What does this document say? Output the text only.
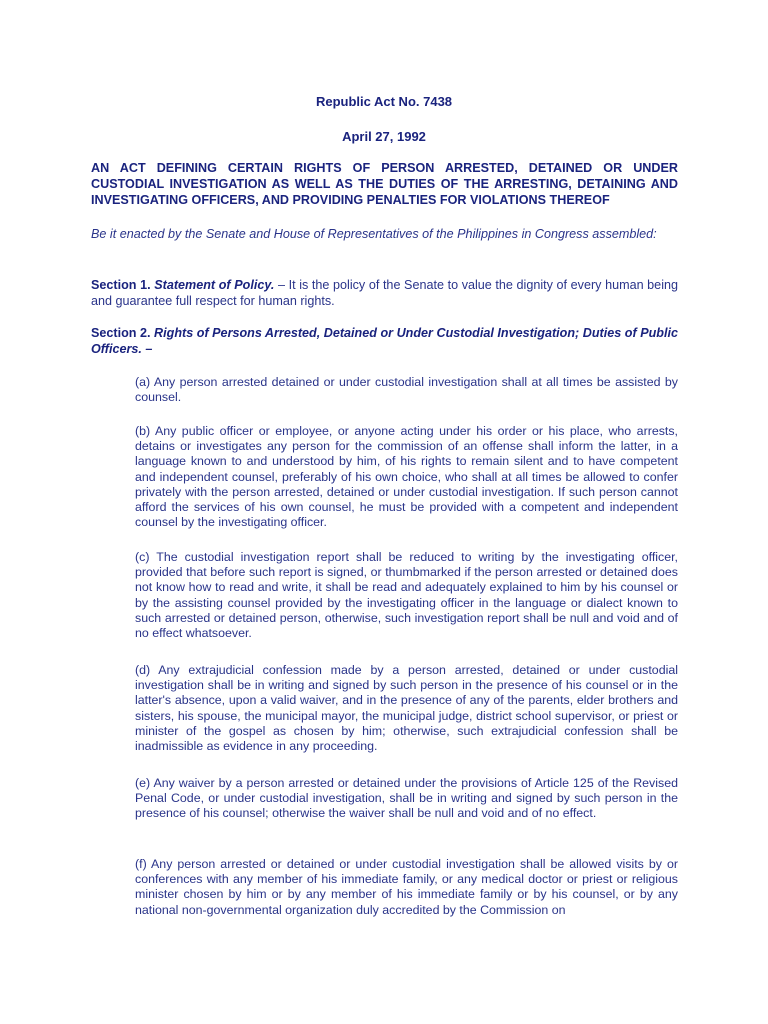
Republic Act No. 7438
April 27, 1992
AN ACT DEFINING CERTAIN RIGHTS OF PERSON ARRESTED, DETAINED OR UNDER CUSTODIAL INVESTIGATION AS WELL AS THE DUTIES OF THE ARRESTING, DETAINING AND INVESTIGATING OFFICERS, AND PROVIDING PENALTIES FOR VIOLATIONS THEREOF
Be it enacted by the Senate and House of Representatives of the Philippines in Congress assembled:
Section 1. Statement of Policy. – It is the policy of the Senate to value the dignity of every human being and guarantee full respect for human rights.
Section 2. Rights of Persons Arrested, Detained or Under Custodial Investigation; Duties of Public Officers. –
(a) Any person arrested detained or under custodial investigation shall at all times be assisted by counsel.
(b) Any public officer or employee, or anyone acting under his order or his place, who arrests, detains or investigates any person for the commission of an offense shall inform the latter, in a language known to and understood by him, of his rights to remain silent and to have competent and independent counsel, preferably of his own choice, who shall at all times be allowed to confer privately with the person arrested, detained or under custodial investigation. If such person cannot afford the services of his own counsel, he must be provided with a competent and independent counsel by the investigating officer.
(c) The custodial investigation report shall be reduced to writing by the investigating officer, provided that before such report is signed, or thumbmarked if the person arrested or detained does not know how to read and write, it shall be read and adequately explained to him by his counsel or by the assisting counsel provided by the investigating officer in the language or dialect known to such arrested or detained person, otherwise, such investigation report shall be null and void and of no effect whatsoever.
(d) Any extrajudicial confession made by a person arrested, detained or under custodial investigation shall be in writing and signed by such person in the presence of his counsel or in the latter's absence, upon a valid waiver, and in the presence of any of the parents, elder brothers and sisters, his spouse, the municipal mayor, the municipal judge, district school supervisor, or priest or minister of the gospel as chosen by him; otherwise, such extrajudicial confession shall be inadmissible as evidence in any proceeding.
(e) Any waiver by a person arrested or detained under the provisions of Article 125 of the Revised Penal Code, or under custodial investigation, shall be in writing and signed by such person in the presence of his counsel; otherwise the waiver shall be null and void and of no effect.
(f) Any person arrested or detained or under custodial investigation shall be allowed visits by or conferences with any member of his immediate family, or any medical doctor or priest or religious minister chosen by him or by any member of his immediate family or by his counsel, or by any national non-governmental organization duly accredited by the Commission on
